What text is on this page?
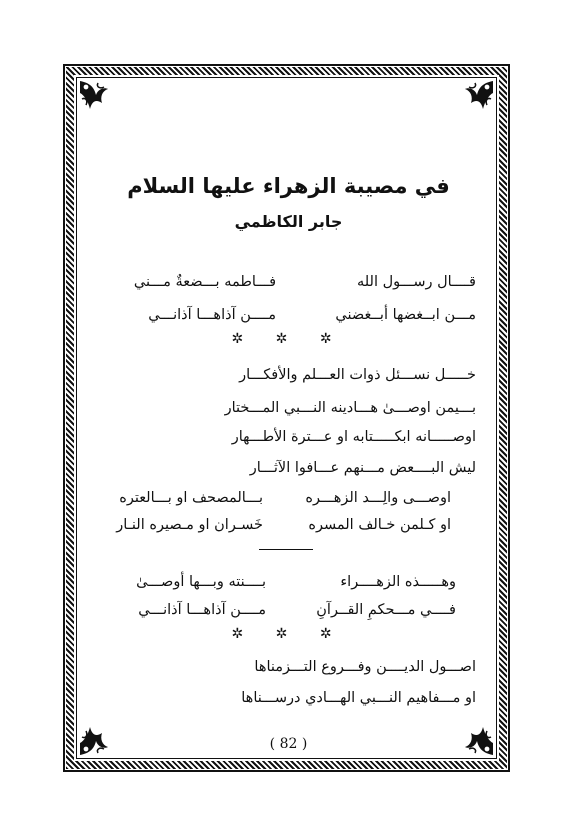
في مصيبة الزهراء عليها السلام
جابر الكاظمي
قــــال رســـول الله
فـــاطمه بـــضعةٌ مـــني
مـــن ابــغضها أبــغضني
مــــن آذاهـــا آذانـــي
✲ ✲ ✲
خـــــل نســـئل ذوات العـــلم والأفكـــار
بـــيمن اوصـــىٰ هـــادينه النـــبي المـــختار
اوصـــــانه ابكـــــتابه او عـــترة الأطـــهار
ليش البــــعض مـــنهم عـــافوا الآثـــار
اوصـــى والِـــد الزهـــره
بـــالمصحف او بـــالعتره
او كـلمن خـالف المسره
خَسـران او مـصيره النـار
وهـــــذه الزهــــراء
بــــنته وبـــها أوصـــىٰ
فــــي مـــحكمِ القــرآنِ
مــــن آذاهـــا آذانـــي
✲ ✲ ✲
اصـــول الديــــن وفـــروع التـــزمناها
او مـــفاهيم النـــبي الهـــادي درســـناها
( 82 )
